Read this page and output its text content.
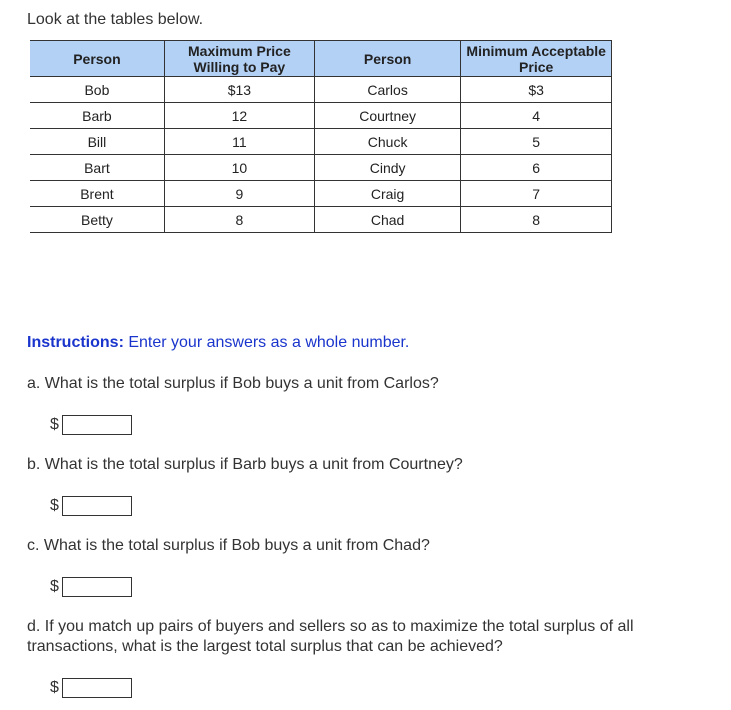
Look at the tables below.
Person	Maximum Price Willing to Pay	Person	Minimum Acceptable Price
Bob	$13	Carlos	$3
Barb	12	Courtney	4
Bill	11	Chuck	5
Bart	10	Cindy	6
Brent	9	Craig	7
Betty	8	Chad	8
Instructions: Enter your answers as a whole number.
a. What is the total surplus if Bob buys a unit from Carlos?
$
b. What is the total surplus if Barb buys a unit from Courtney?
$
c. What is the total surplus if Bob buys a unit from Chad?
$
d. If you match up pairs of buyers and sellers so as to maximize the total surplus of all transactions, what is the largest total surplus that can be achieved?
$
